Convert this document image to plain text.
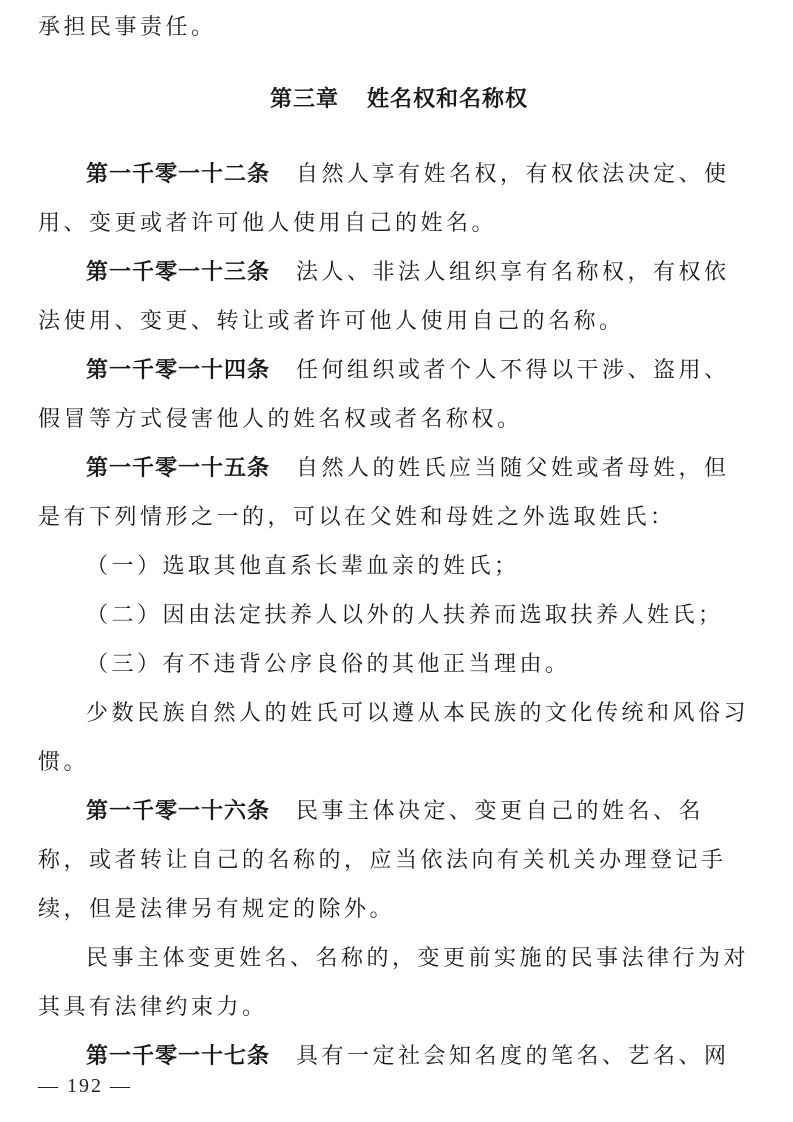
承担民事责任。
第三章 姓名权和名称权
第一千零一十二条 自然人享有姓名权，有权依法决定、使
用、变更或者许可他人使用自己的姓名。
第一千零一十三条 法人、非法人组织享有名称权，有权依
法使用、变更、转让或者许可他人使用自己的名称。
第一千零一十四条 任何组织或者个人不得以干涉、盗用、
假冒等方式侵害他人的姓名权或者名称权。
第一千零一十五条 自然人的姓氏应当随父姓或者母姓，但
是有下列情形之一的，可以在父姓和母姓之外选取姓氏：
（一）选取其他直系长辈血亲的姓氏；
（二）因由法定扶养人以外的人扶养而选取扶养人姓氏；
（三）有不违背公序良俗的其他正当理由。
少数民族自然人的姓氏可以遵从本民族的文化传统和风俗习
惯。
第一千零一十六条 民事主体决定、变更自己的姓名、名
称，或者转让自己的名称的，应当依法向有关机关办理登记手
续，但是法律另有规定的除外。
民事主体变更姓名、名称的，变更前实施的民事法律行为对
其具有法律约束力。
第一千零一十七条 具有一定社会知名度的笔名、艺名、网
— 192 —
